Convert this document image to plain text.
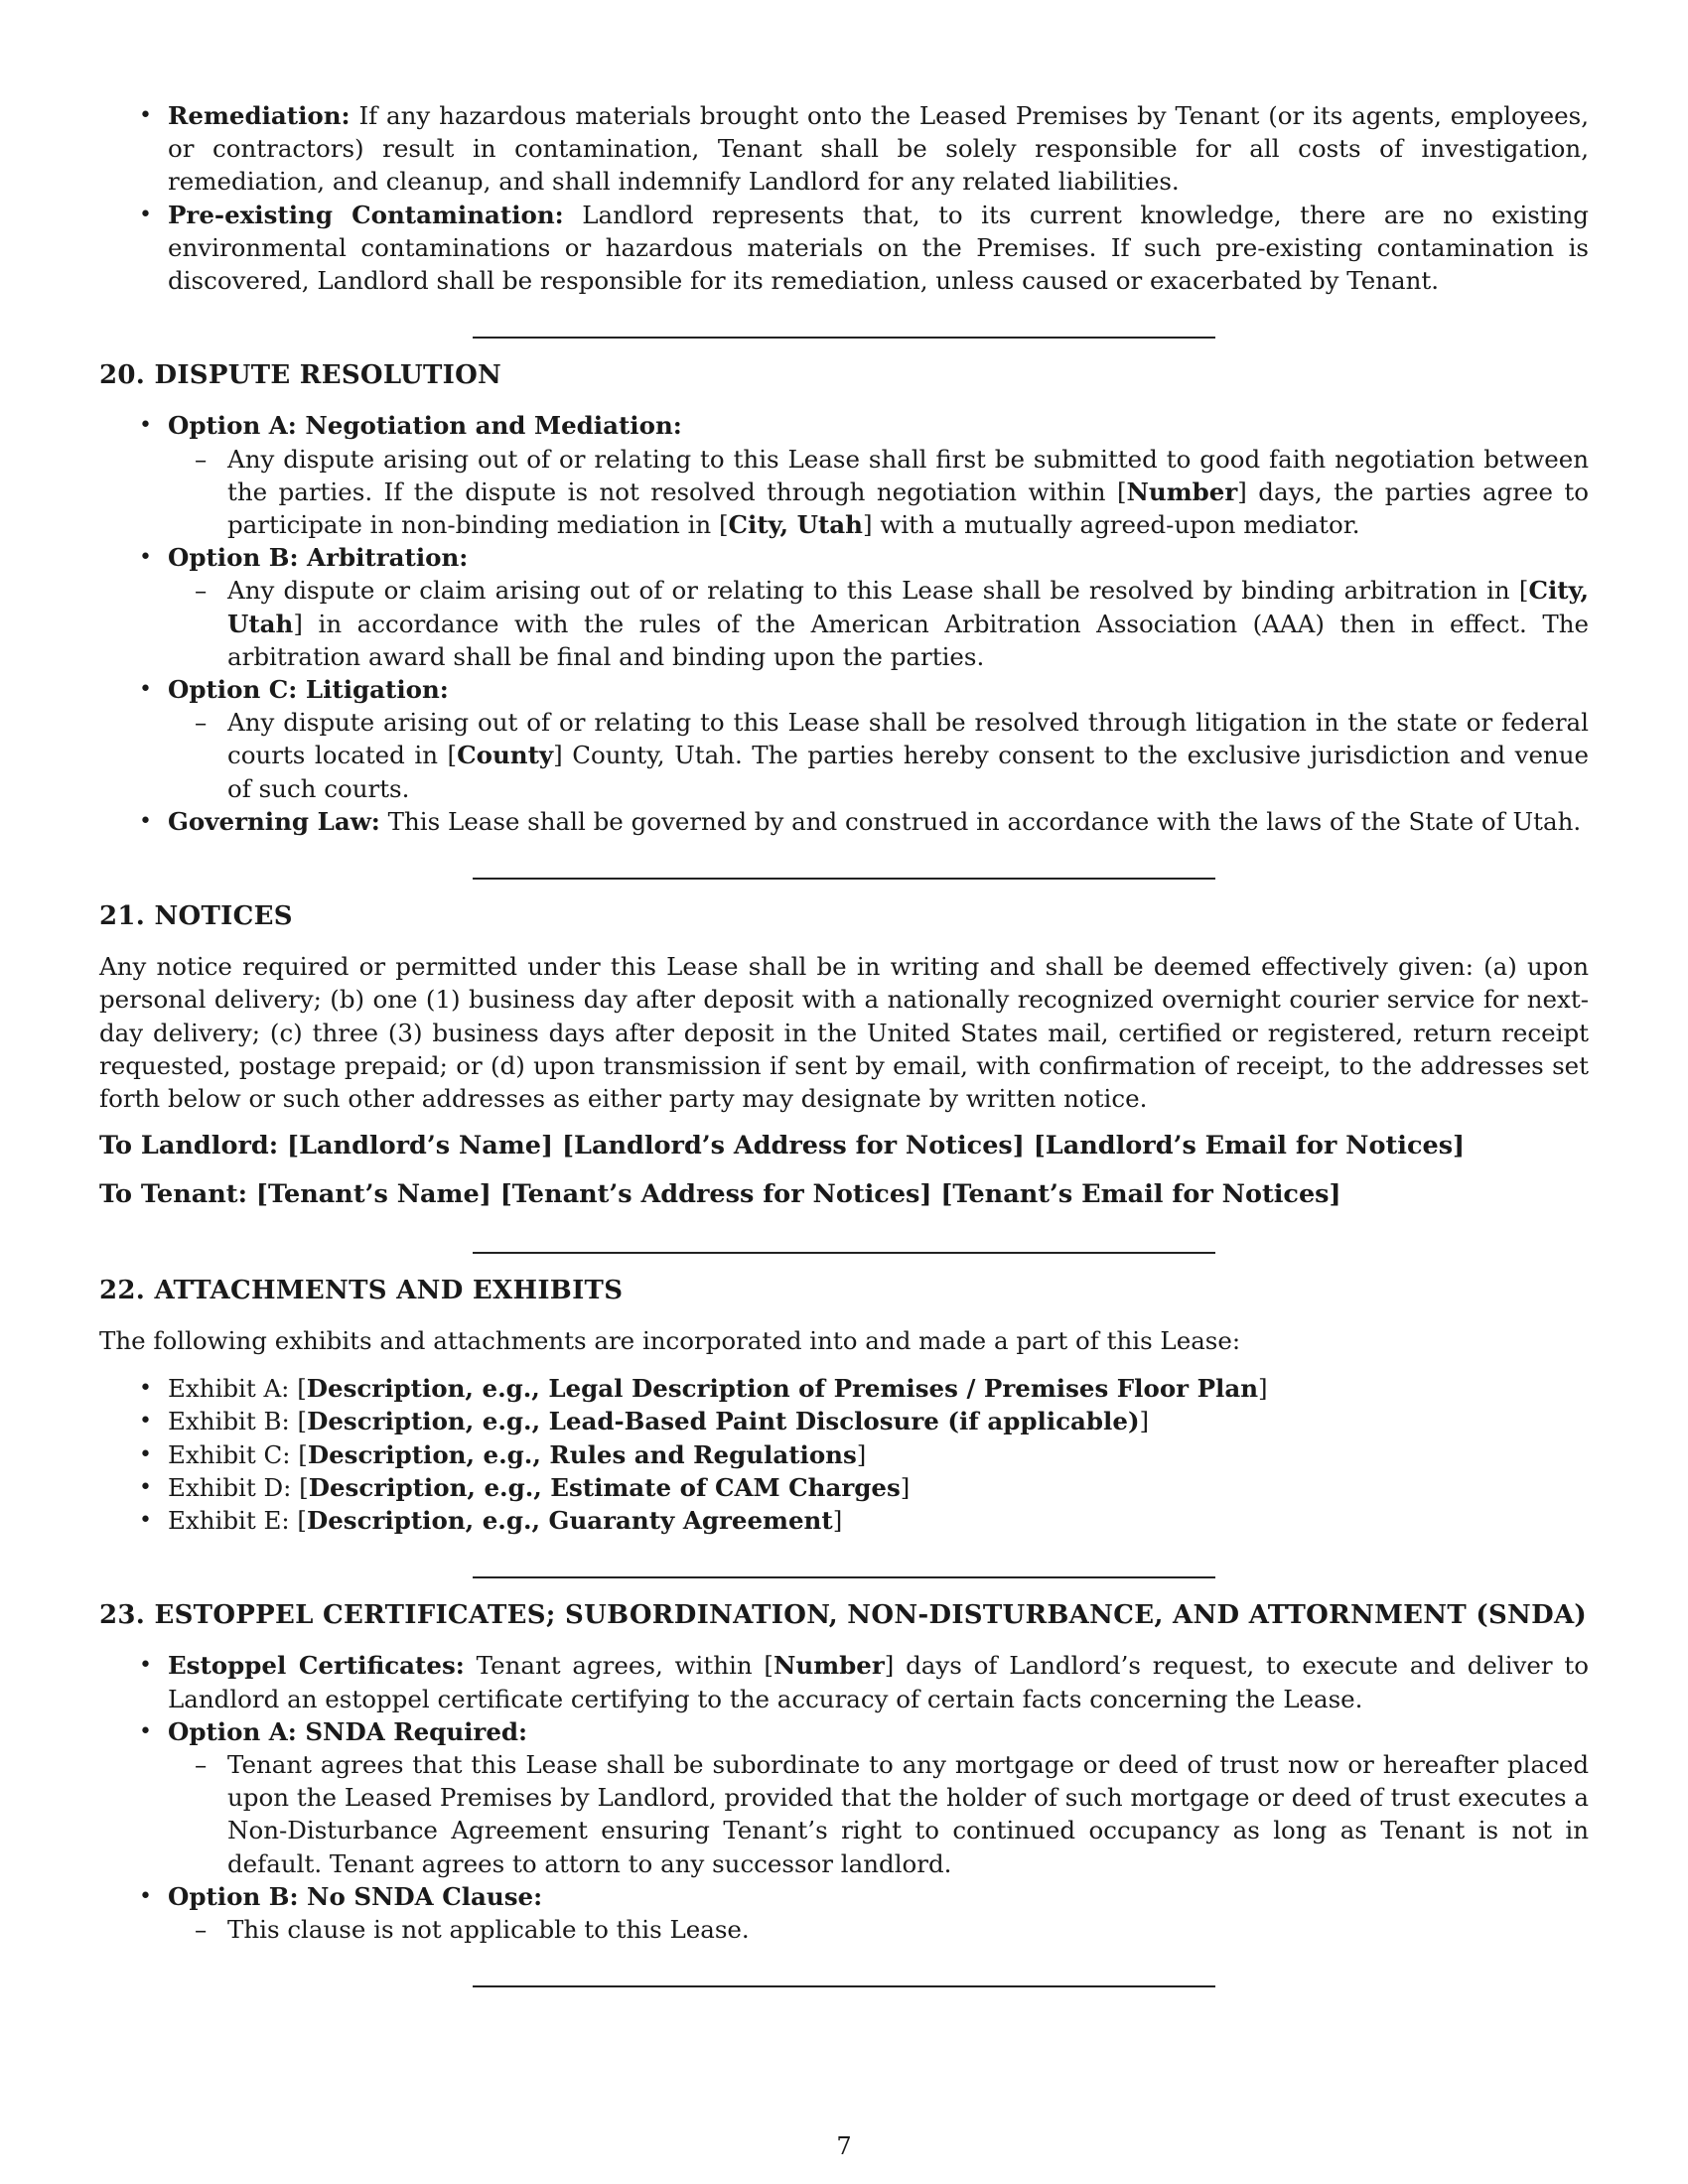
• Remediation: If any hazardous materials brought onto the Leased Premises by Tenant (or its agents, employees, or contractors) result in contamination, Tenant shall be solely responsible for all costs of investigation, remediation, and cleanup, and shall indemnify Landlord for any related liabilities.
• Pre-existing Contamination: Landlord represents that, to its current knowledge, there are no existing environmental contaminations or hazardous materials on the Premises. If such pre-existing contamination is discovered, Landlord shall be responsible for its remediation, unless caused or exacerbated by Tenant.
20. DISPUTE RESOLUTION
• Option A: Negotiation and Mediation:
– Any dispute arising out of or relating to this Lease shall first be submitted to good faith negotiation between the parties. If the dispute is not resolved through negotiation within [Number] days, the parties agree to participate in non-binding mediation in [City, Utah] with a mutually agreed-upon mediator.
• Option B: Arbitration:
– Any dispute or claim arising out of or relating to this Lease shall be resolved by binding arbitration in [City, Utah] in accordance with the rules of the American Arbitration Association (AAA) then in effect. The arbitration award shall be final and binding upon the parties.
• Option C: Litigation:
– Any dispute arising out of or relating to this Lease shall be resolved through litigation in the state or federal courts located in [County] County, Utah. The parties hereby consent to the exclusive jurisdiction and venue of such courts.
• Governing Law: This Lease shall be governed by and construed in accordance with the laws of the State of Utah.
21. NOTICES

Any notice required or permitted under this Lease shall be in writing and shall be deemed effectively given: (a) upon personal delivery; (b) one (1) business day after deposit with a nationally recognized overnight courier service for next-day delivery; (c) three (3) business days after deposit in the United States mail, certified or registered, return receipt requested, postage prepaid; or (d) upon transmission if sent by email, with confirmation of receipt, to the addresses set forth below or such other addresses as either party may designate by written notice.

To Landlord: [Landlord’s Name] [Landlord’s Address for Notices] [Landlord’s Email for Notices]
To Tenant: [Tenant’s Name] [Tenant’s Address for Notices] [Tenant’s Email for Notices]
22. ATTACHMENTS AND EXHIBITS

The following exhibits and attachments are incorporated into and made a part of this Lease:

• Exhibit A: [Description, e.g., Legal Description of Premises / Premises Floor Plan]
• Exhibit B: [Description, e.g., Lead-Based Paint Disclosure (if applicable)]
• Exhibit C: [Description, e.g., Rules and Regulations]
• Exhibit D: [Description, e.g., Estimate of CAM Charges]
• Exhibit E: [Description, e.g., Guaranty Agreement]
23. ESTOPPEL CERTIFICATES; SUBORDINATION, NON-DISTURBANCE, AND ATTORNMENT (SNDA)
• Estoppel Certificates: Tenant agrees, within [Number] days of Landlord’s request, to execute and deliver to Landlord an estoppel certificate certifying to the accuracy of certain facts concerning the Lease.
• Option A: SNDA Required:
– Tenant agrees that this Lease shall be subordinate to any mortgage or deed of trust now or hereafter placed upon the Leased Premises by Landlord, provided that the holder of such mortgage or deed of trust executes a Non-Disturbance Agreement ensuring Tenant’s right to continued occupancy as long as Tenant is not in default. Tenant agrees to attorn to any successor landlord.
• Option B: No SNDA Clause:
– This clause is not applicable to this Lease.
7
